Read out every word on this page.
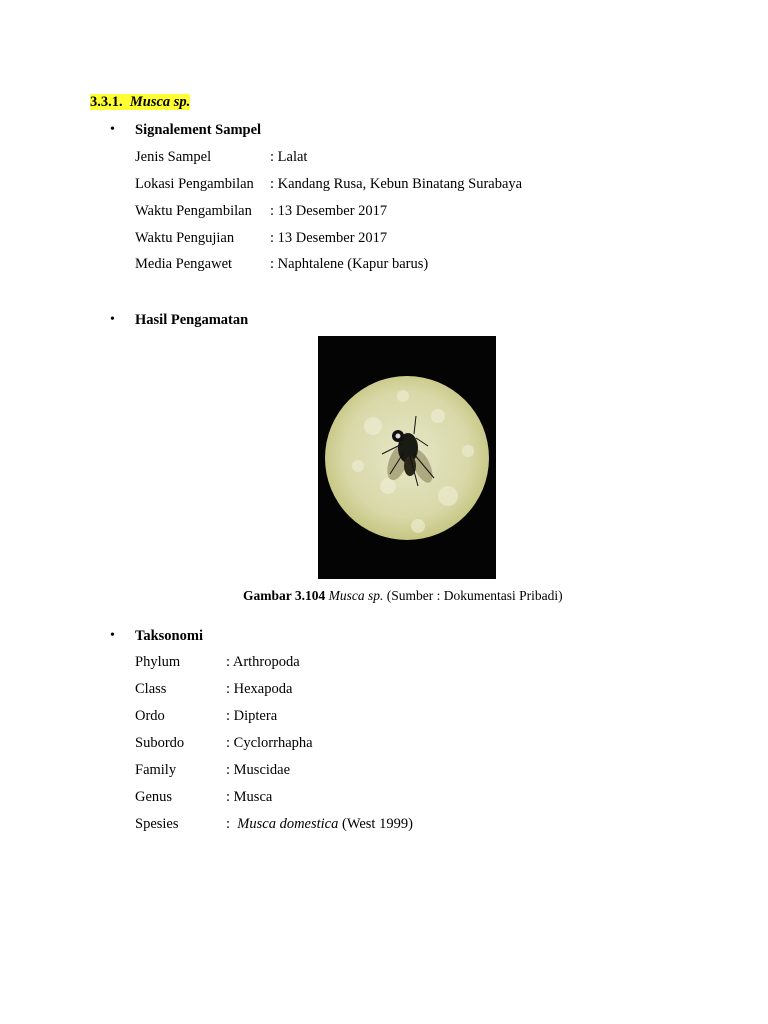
3.3.1. Musca sp.
• Signalement Sampel
Jenis Sampel	: Lalat
Lokasi Pengambilan : Kandang Rusa, Kebun Binatang Surabaya
Waktu Pengambilan : 13 Desember 2017
Waktu Pengujian : 13 Desember 2017
Media Pengawet	: Naphtalene (Kapur barus)
• Hasil Pengamatan
Gambar 3.104 Musca sp. (Sumber : Dokumentasi Pribadi)
• Taksonomi
Phylum	: Arthropoda
Class	: Hexapoda
Ordo	: Diptera
Subordo	: Cyclorrhapha
Family	: Muscidae
Genus	: Musca
Spesies	: Musca domestica (West 1999)
